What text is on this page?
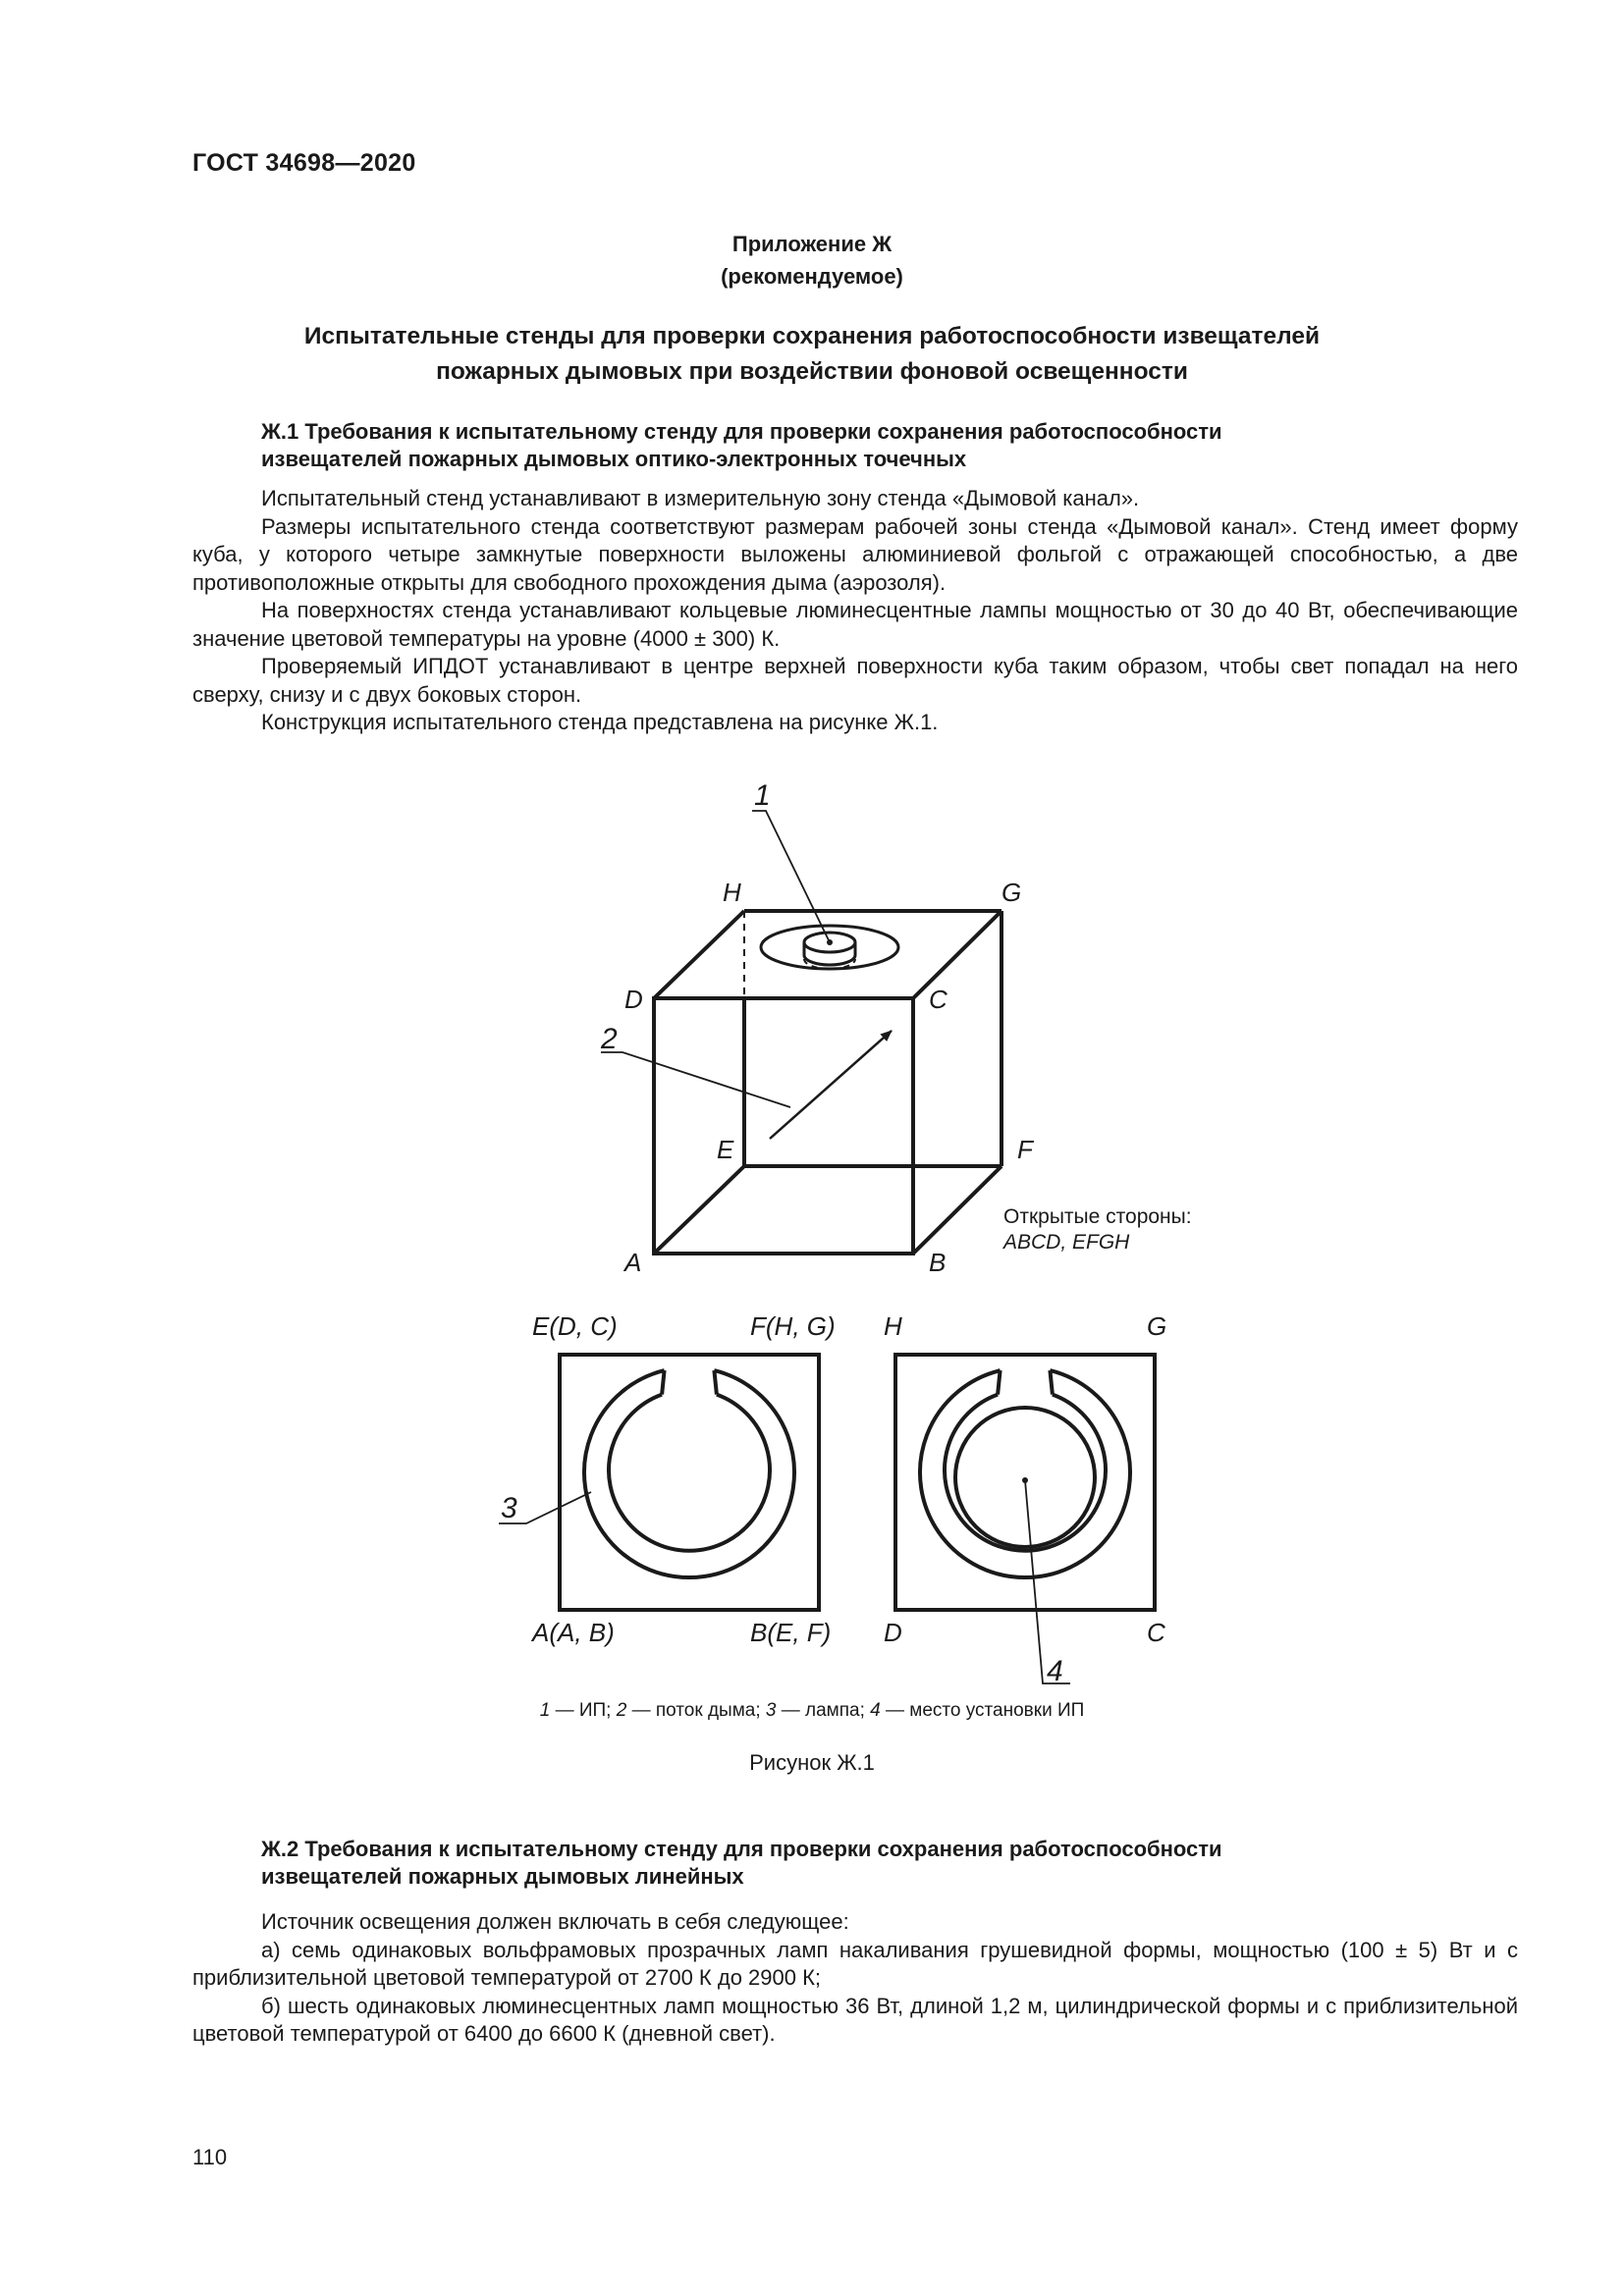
ГОСТ 34698—2020
Приложение Ж
(рекомендуемое)
Испытательные стенды для проверки сохранения работоспособности извещателей
пожарных дымовых при воздействии фоновой освещенности
Ж.1 Требования к испытательному стенду для проверки сохранения работоспособности
извещателей пожарных дымовых оптико-электронных точечных

Испытательный стенд устанавливают в измерительную зону стенда «Дымовой канал».

Размеры испытательного стенда соответствуют размерам рабочей зоны стенда «Дымовой канал». Стенд имеет форму куба, у которого четыре замкнутые поверхности выложены алюминиевой фольгой с отражающей способностью, а две противоположные открыты для свободного прохождения дыма (аэрозоля).

На поверхностях стенда устанавливают кольцевые люминесцентные лампы мощностью от 30 до 40 Вт, обеспечивающие значение цветовой температуры на уровне (4000 ± 300) К.

Проверяемый ИПДОТ устанавливают в центре верхней поверхности куба таким образом, чтобы свет попадал на него сверху, снизу и с двух боковых сторон.

Конструкция испытательного стенда представлена на рисунке Ж.1.

1
2
H	G
D	C
E	F
A	B
Открытые стороны:
ABCD, EFGH
E(D, C)	F(H, G)
A(A, B)	B(E, F)
3
H	G
D	C
4
1 — ИП; 2 — поток дыма; 3 — лампа; 4 — место установки ИП
Рисунок Ж.1
Ж.2 Требования к испытательному стенду для проверки сохранения работоспособности
извещателей пожарных дымовых линейных

Источник освещения должен включать в себя следующее:

а) семь одинаковых вольфрамовых прозрачных ламп накаливания грушевидной формы, мощностью (100 ± 5) Вт и с приблизительной цветовой температурой от 2700 К до 2900 К;

б) шесть одинаковых люминесцентных ламп мощностью 36 Вт, длиной 1,2 м, цилиндрической формы и с приблизительной цветовой температурой от 6400 до 6600 К (дневной свет).

110
